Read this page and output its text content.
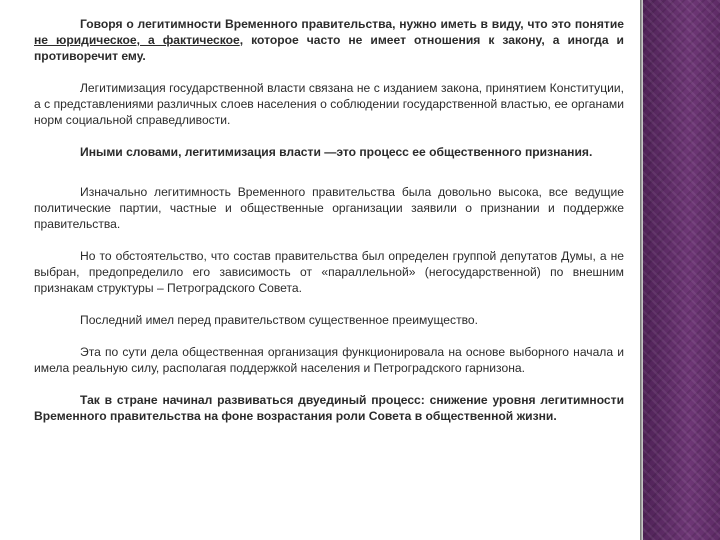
Говоря о легитимности Временного правительства, нужно иметь в виду, что это понятие не юридическое, а фактическое, которое часто не имеет отношения к закону, а иногда и противоречит ему.

Легитимизация государственной власти связана не с изданием закона, принятием Конституции, а с представлениями различных слоев населения о соблюдении государственной властью, ее органами норм социальной справедливости.

Иными словами, легитимизация власти —это процесс ее общественного признания.

Изначально легитимность Временного правительства была довольно высока, все ведущие политические партии, частные и общественные организации заявили о признании и поддержке правительства.

Но то обстоятельство, что состав правительства был определен группой депутатов Думы, а не выбран, предопределило его зависимость от «параллельной» (негосударственной) по внешним признакам структуры – Петроградского Совета.

Последний имел перед правительством существенное преимущество.

Эта по сути дела общественная организация функционировала на основе выборного начала и имела реальную силу, располагая поддержкой населения и Петроградского гарнизона.

Так в стране начинал развиваться двуединый процесс: снижение уровня легитимности Временного правительства на фоне возрастания роли Совета в общественной жизни.
